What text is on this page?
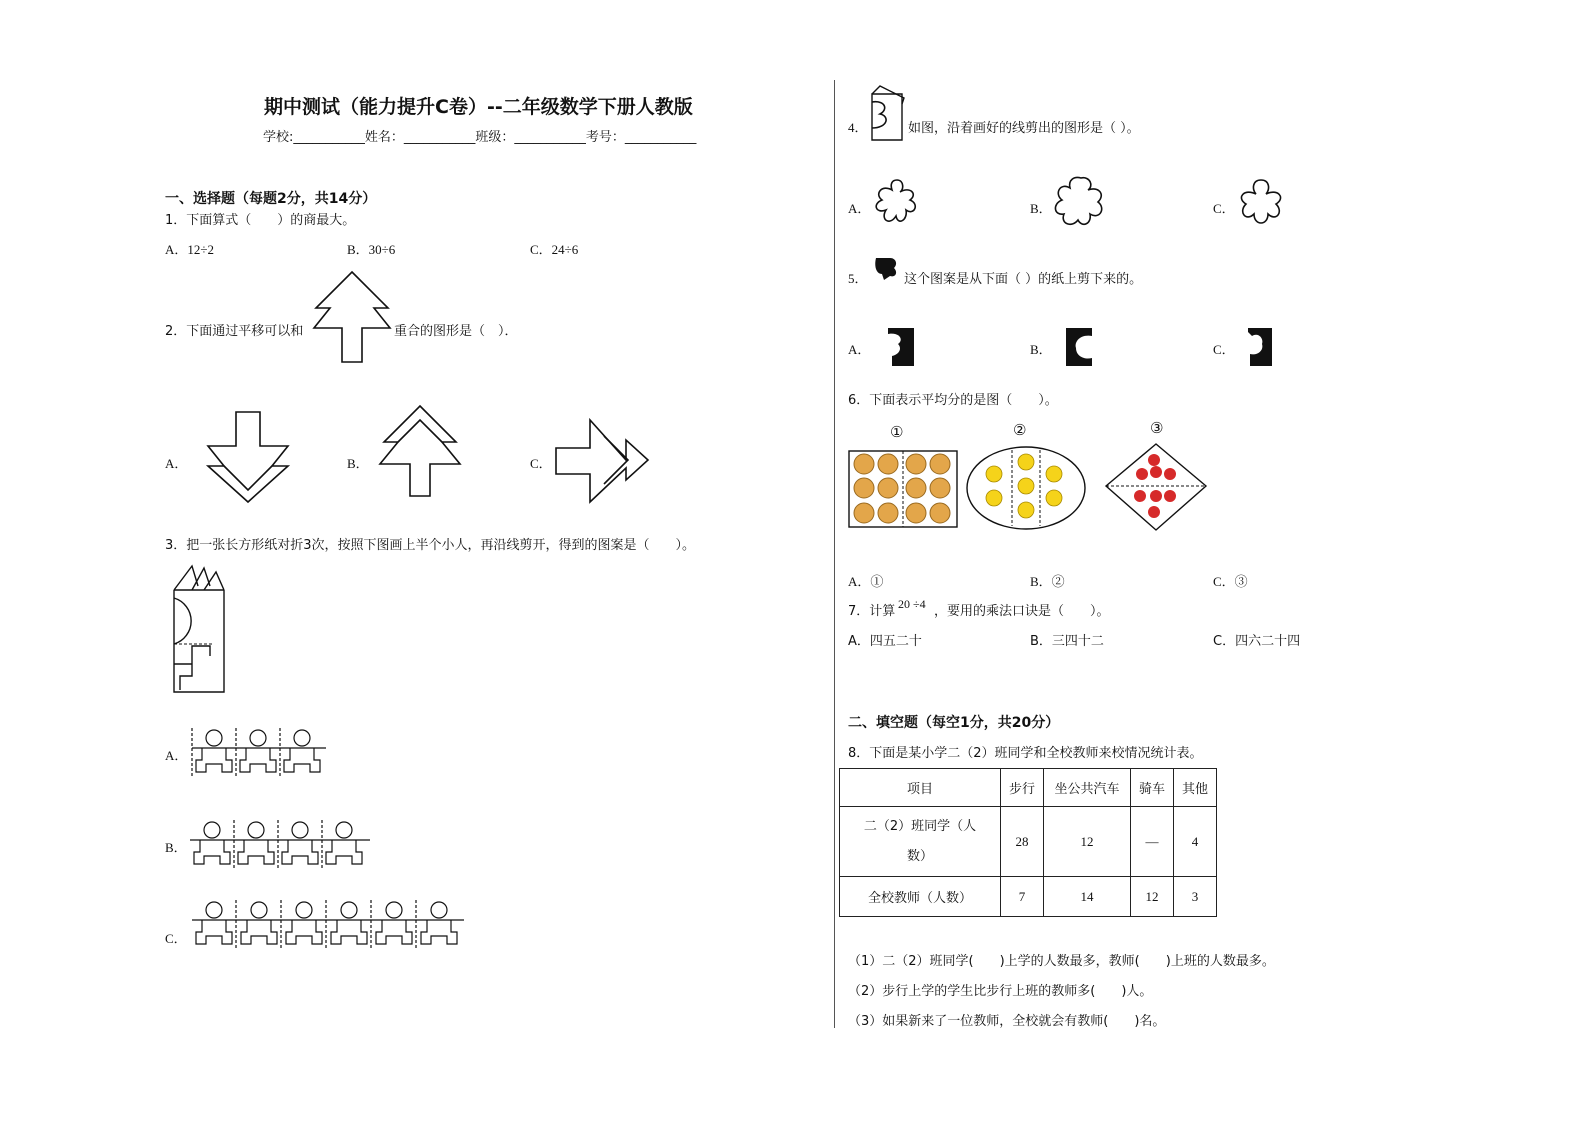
期中测试（能力提升C卷）--二年级数学下册人教版
学校:___________姓名：___________班级：___________考号：___________
一、选择题（每题2分，共14分）
1．下面算式（　　）的商最大。
A．12÷2	B．30÷6	C．24÷6
2．下面通过平移可以和	重合的图形是（　）．
A．	B．	C．
3．把一张长方形纸对折3次，按照下图画上半个小人，再沿线剪开，得到的图案是（　　）。
A．
B．
C．
4．	如图，沿着画好的线剪出的图形是（ ）。
A．	B．	C．
5．	这个图案是从下面（ ）的纸上剪下来的。
A．	B．	C．
6．下面表示平均分的是图（　　）。
①	②	③
A．①	B．②	C．③
7．计算 20 ÷4 ，要用的乘法口诀是（　　）。
A．四五二十	B．三四十二	C．四六二十四
二、填空题（每空1分，共20分）
8．下面是某小学二（2）班同学和全校教师来校情况统计表。
项目	步行	坐公共汽车	骑车	其他

二（2）班同学（人
数）	28	12	—	4
全校教师（人数）	7	14	12	3
（1）二（2）班同学(　　)上学的人数最多，教师(　　)上班的人数最多。
（2）步行上学的学生比步行上班的教师多(　　)人。
（3）如果新来了一位教师，全校就会有教师(　　)名。
